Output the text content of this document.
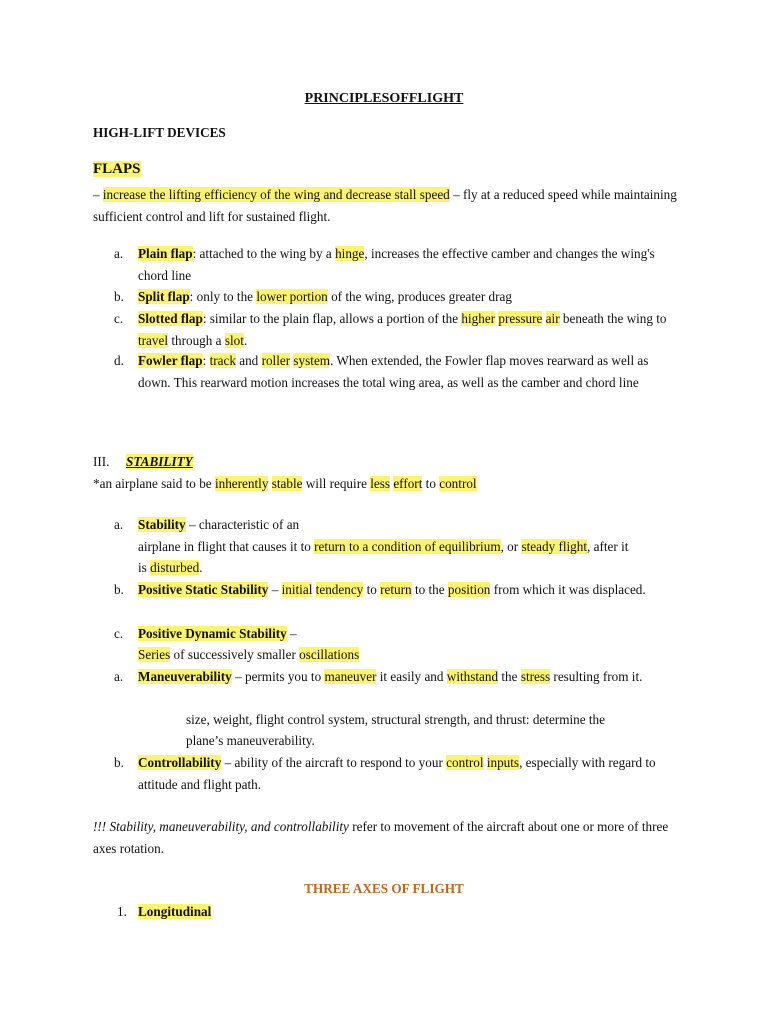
PRINCIPLESOFFLIGHT
HIGH-LIFT DEVICES
FLAPS
– increase the lifting efficiency of the wing and decrease stall speed – fly at a reduced speed while maintaining sufficient control and lift for sustained flight.
a. Plain flap: attached to the wing by a hinge, increases the effective camber and changes the wing's chord line
b. Split flap: only to the lower portion of the wing, produces greater drag
c. Slotted flap: similar to the plain flap, allows a portion of the higher pressure air beneath the wing to travel through a slot.
d. Fowler flap: track and roller system. When extended, the Fowler flap moves rearward as well as down. This rearward motion increases the total wing area, as well as the camber and chord line
III. STABILITY
*an airplane said to be inherently stable will require less effort to control
a. Stability – characteristic of an
airplane in flight that causes it to return to a condition of equilibrium, or steady flight, after it
is disturbed.
b. Positive Static Stability – initial tendency to return to the position from which it was displaced.
c. Positive Dynamic Stability –
Series of successively smaller oscillations
a. Maneuverability – permits you to maneuver it easily and withstand the stress resulting from it.
size, weight, flight control system, structural strength, and thrust: determine the
plane’s maneuverability.
b. Controllability – ability of the aircraft to respond to your control inputs, especially with regard to attitude and flight path.
!!! Stability, maneuverability, and controllability refer to movement of the aircraft about one or more of three axes rotation.
THREE AXES OF FLIGHT
1. Longitudinal
